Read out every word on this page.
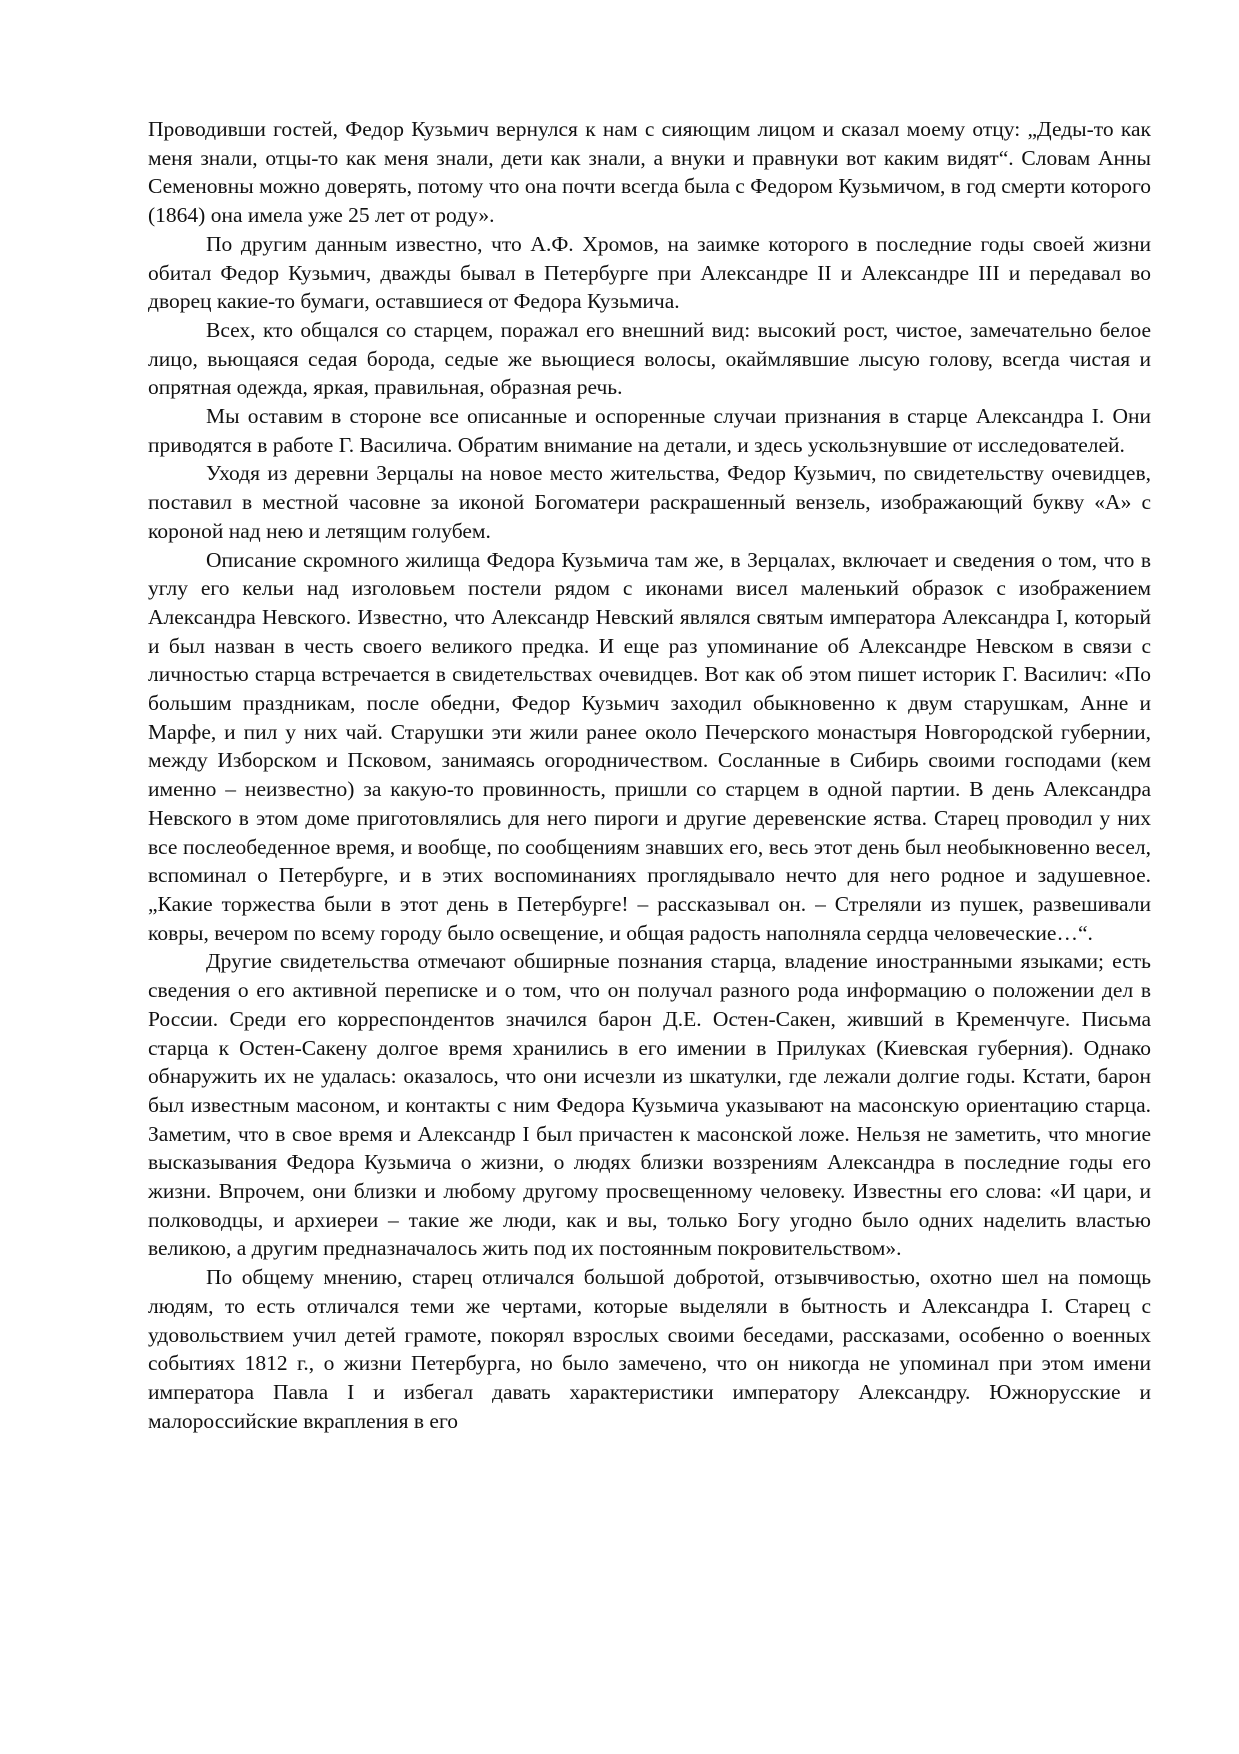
Проводивши гостей, Федор Кузьмич вернулся к нам с сияющим лицом и сказал моему отцу: „Деды-то как меня знали, отцы-то как меня знали, дети как знали, а внуки и правнуки вот каким видят“. Словам Анны Семеновны можно доверять, потому что она почти всегда была с Федором Кузьмичом, в год смерти которого (1864) она имела уже 25 лет от роду».

По другим данным известно, что А.Ф. Хромов, на заимке которого в последние годы своей жизни обитал Федор Кузьмич, дважды бывал в Петербурге при Александре II и Александре III и передавал во дворец какие-то бумаги, оставшиеся от Федора Кузьмича.

Всех, кто общался со старцем, поражал его внешний вид: высокий рост, чистое, замечательно белое лицо, вьющаяся седая борода, седые же вьющиеся волосы, окаймлявшие лысую голову, всегда чистая и опрятная одежда, яркая, правильная, образная речь.

Мы оставим в стороне все описанные и оспоренные случаи признания в старце Александра I. Они приводятся в работе Г. Василича. Обратим внимание на детали, и здесь ускользнувшие от исследователей.

Уходя из деревни Зерцалы на новое место жительства, Федор Кузьмич, по свидетельству очевидцев, поставил в местной часовне за иконой Богоматери раскрашенный вензель, изображающий букву «А» с короной над нею и летящим голубем.

Описание скромного жилища Федора Кузьмича там же, в Зерцалах, включает и сведения о том, что в углу его кельи над изголовьем постели рядом с иконами висел маленький образок с изображением Александра Невского. Известно, что Александр Невский являлся святым императора Александра I, который и был назван в честь своего великого предка. И еще раз упоминание об Александре Невском в связи с личностью старца встречается в свидетельствах очевидцев. Вот как об этом пишет историк Г. Василич: «По большим праздникам, после обедни, Федор Кузьмич заходил обыкновенно к двум старушкам, Анне и Марфе, и пил у них чай. Старушки эти жили ранее около Печерского монастыря Новгородской губернии, между Изборском и Псковом, занимаясь огородничеством. Сосланные в Сибирь своими господами (кем именно – неизвестно) за какую-то провинность, пришли со старцем в одной партии. В день Александра Невского в этом доме приготовлялись для него пироги и другие деревенские яства. Старец проводил у них все послеобеденное время, и вообще, по сообщениям знавших его, весь этот день был необыкновенно весел, вспоминал о Петербурге, и в этих воспоминаниях проглядывало нечто для него родное и задушевное. „Какие торжества были в этот день в Петербурге! – рассказывал он. – Стреляли из пушек, развешивали ковры, вечером по всему городу было освещение, и общая радость наполняла сердца человеческие…“.

Другие свидетельства отмечают обширные познания старца, владение иностранными языками; есть сведения о его активной переписке и о том, что он получал разного рода информацию о положении дел в России. Среди его корреспондентов значился барон Д.Е. Остен-Сакен, живший в Кременчуге. Письма старца к Остен-Сакену долгое время хранились в его имении в Прилуках (Киевская губерния). Однако обнаружить их не удалась: оказалось, что они исчезли из шкатулки, где лежали долгие годы. Кстати, барон был известным масоном, и контакты с ним Федора Кузьмича указывают на масонскую ориентацию старца. Заметим, что в свое время и Александр I был причастен к масонской ложе. Нельзя не заметить, что многие высказывания Федора Кузьмича о жизни, о людях близки воззрениям Александра в последние годы его жизни. Впрочем, они близки и любому другому просвещенному человеку. Известны его слова: «И цари, и полководцы, и архиереи – такие же люди, как и вы, только Богу угодно было одних наделить властью великою, а другим предназначалось жить под их постоянным покровительством».

По общему мнению, старец отличался большой добротой, отзывчивостью, охотно шел на помощь людям, то есть отличался теми же чертами, которые выделяли в бытность и Александра I. Старец с удовольствием учил детей грамоте, покорял взрослых своими беседами, рассказами, особенно о военных событиях 1812 г., о жизни Петербурга, но было замечено, что он никогда не упоминал при этом имени императора Павла I и избегал давать характеристики императору Александру. Южнорусские и малороссийские вкрапления в его
